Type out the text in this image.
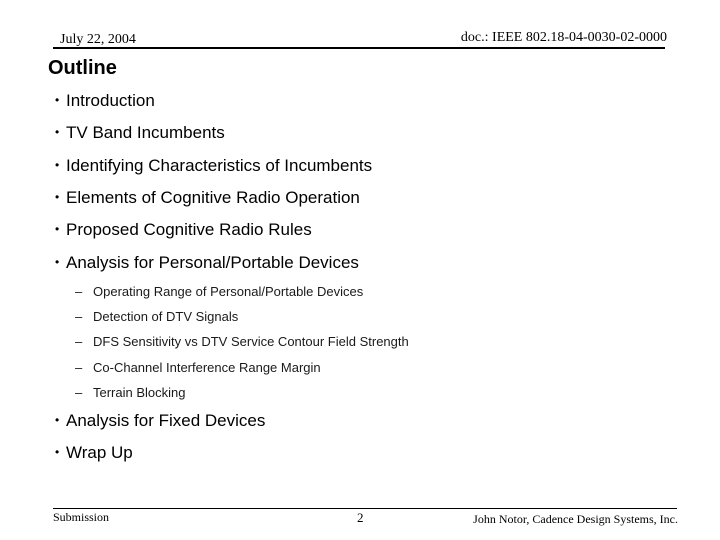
July 22, 2004	doc.: IEEE 802.18-04-0030-02-0000
Outline
• Introduction
• TV Band Incumbents
• Identifying Characteristics of Incumbents
• Elements of Cognitive Radio Operation
• Proposed Cognitive Radio Rules
• Analysis for Personal/Portable Devices
– Operating Range of Personal/Portable Devices
– Detection of DTV Signals
– DFS Sensitivity vs DTV Service Contour Field Strength
– Co-Channel Interference Range Margin
– Terrain Blocking
• Analysis for Fixed Devices
• Wrap Up
Submission	2	John Notor, Cadence Design Systems, Inc.
